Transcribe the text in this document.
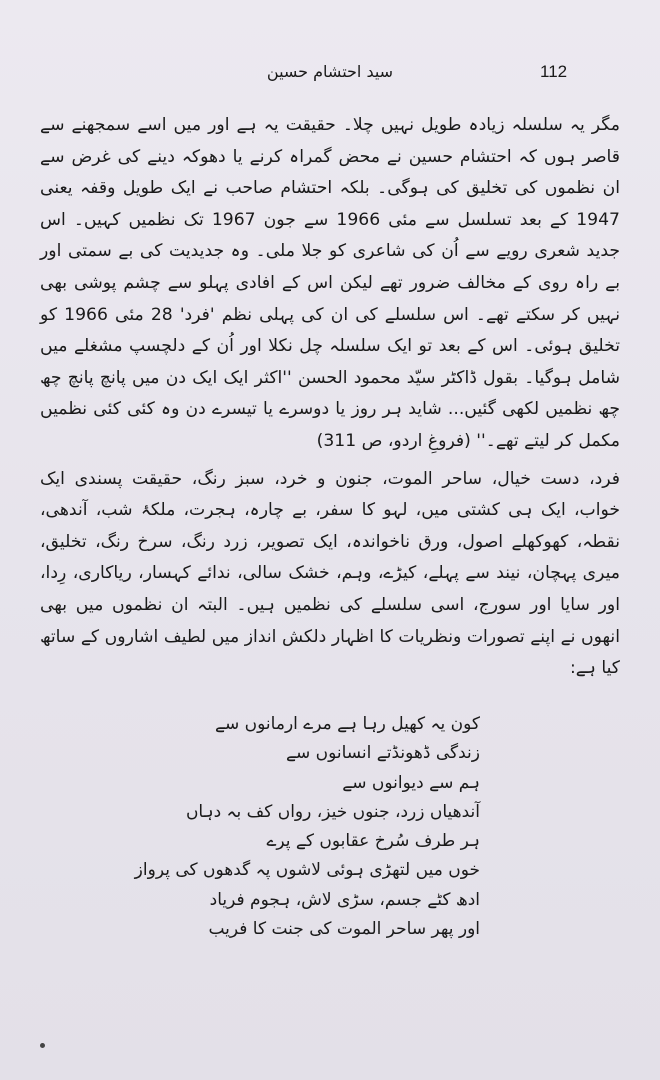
112
سید احتشام حسین

مگر یہ سلسلہ زیادہ طویل نہیں چلا۔ حقیقت یہ ہے اور میں اسے سمجھنے سے قاصر ہوں کہ احتشام حسین نے محض گمراہ کرنے یا دھوکہ دینے کی غرض سے ان نظموں کی تخلیق کی ہوگی۔ بلکہ احتشام صاحب نے ایک طویل وقفہ یعنی 1947 کے بعد تسلسل سے مئی 1966 سے جون 1967 تک نظمیں کہیں۔ اس جدید شعری رویے سے اُن کی شاعری کو جلا ملی۔ وہ جدیدیت کی بے سمتی اور بے راہ روی کے مخالف ضرور تھے لیکن اس کے افادی پہلو سے چشم پوشی بھی نہیں کر سکتے تھے۔ اس سلسلے کی ان کی پہلی نظم 'فرد' 28 مئی 1966 کو تخلیق ہوئی۔ اس کے بعد تو ایک سلسلہ چل نکلا اور اُن کے دلچسپ مشغلے میں شامل ہوگیا۔ بقول ڈاکٹر سیّد محمود الحسن ''اکثر ایک ایک دن میں پانچ پانچ چھ چھ نظمیں لکھی گئیں... شاید ہر روز یا دوسرے یا تیسرے دن وہ کئی کئی نظمیں مکمل کر لیتے تھے۔'' (فروغِ اردو، ص 311)

فرد، دست خیال، ساحر الموت، جنون و خرد، سبز رنگ، حقیقت پسندی ایک خواب، ایک ہی کشتی میں، لہو کا سفر، بے چارہ، ہجرت، ملکۂ شب، آندھی، نقطہ، کھوکھلے اصول، ورق ناخواندہ، ایک تصویر، زرد رنگ، سرخ رنگ، تخلیق، میری پہچان، نیند سے پہلے، کیڑے، وہم، خشک سالی، ندائے کہسار، ریاکاری، رِدا، اور سایا اور سورج، اسی سلسلے کی نظمیں ہیں۔ البتہ ان نظموں میں بھی انھوں نے اپنے تصورات ونظریات کا اظہار دلکش انداز میں لطیف اشاروں کے ساتھ کیا ہے:

کون یہ کھیل رہا ہے مرے ارمانوں سے
زندگی ڈھونڈتے انسانوں سے
ہم سے دیوانوں سے
آندھیاں زرد، جنوں خیز، رواں کف بہ دہاں
ہر طرف سُرخ عقابوں کے پرے
خوں میں لتھڑی ہوئی لاشوں پہ گدھوں کی پرواز
ادھ کٹے جسم، سڑی لاش، ہجوم فریاد
اور پھر ساحر الموت کی جنت کا فریب
